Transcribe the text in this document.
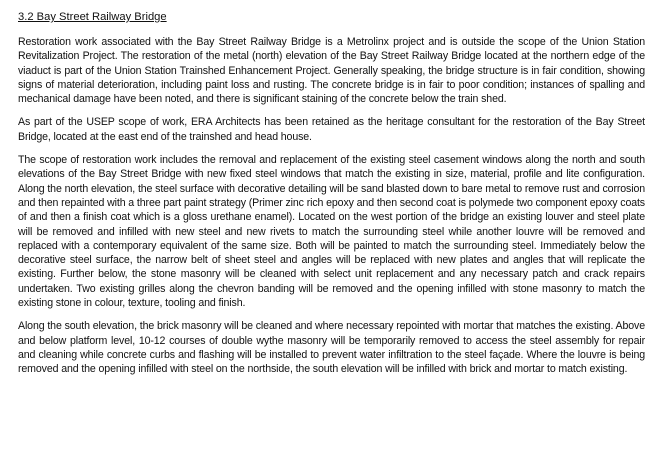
3.2 Bay Street Railway Bridge

Restoration work associated with the Bay Street Railway Bridge is a Metrolinx project and is outside the scope of the Union Station Revitalization Project. The restoration of the metal (north) elevation of the Bay Street Railway Bridge located at the northern edge of the viaduct is part of the Union Station Trainshed Enhancement Project. Generally speaking, the bridge structure is in fair condition, showing signs of material deterioration, including paint loss and rusting. The concrete bridge is in fair to poor condition; instances of spalling and mechanical damage have been noted, and there is significant staining of the concrete below the train shed.

As part of the USEP scope of work, ERA Architects has been retained as the heritage consultant for the restoration of the Bay Street Bridge, located at the east end of the trainshed and head house.

The scope of restoration work includes the removal and replacement of the existing steel casement windows along the north and south elevations of the Bay Street Bridge with new fixed steel windows that match the existing in size, material, profile and lite configuration. Along the north elevation, the steel surface with decorative detailing will be sand blasted down to bare metal to remove rust and corrosion and then repainted with a three part paint strategy (Primer zinc rich epoxy and then second coat is polymede two component epoxy coats of and then a finish coat which is a gloss urethane enamel). Located on the west portion of the bridge an existing louver and steel plate will be removed and infilled with new steel and new rivets to match the surrounding steel while another louvre will be removed and replaced with a contemporary equivalent of the same size. Both will be painted to match the surrounding steel. Immediately below the decorative steel surface, the narrow belt of sheet steel and angles will be replaced with new plates and angles that will replicate the existing. Further below, the stone masonry will be cleaned with select unit replacement and any necessary patch and crack repairs undertaken. Two existing grilles along the chevron banding will be removed and the opening infilled with stone masonry to match the existing stone in colour, texture, tooling and finish.

Along the south elevation, the brick masonry will be cleaned and where necessary repointed with mortar that matches the existing. Above and below platform level, 10-12 courses of double wythe masonry will be temporarily removed to access the steel assembly for repair and cleaning while concrete curbs and flashing will be installed to prevent water infiltration to the steel façade. Where the louvre is being removed and the opening infilled with steel on the northside, the south elevation will be infilled with brick and mortar to match existing.
